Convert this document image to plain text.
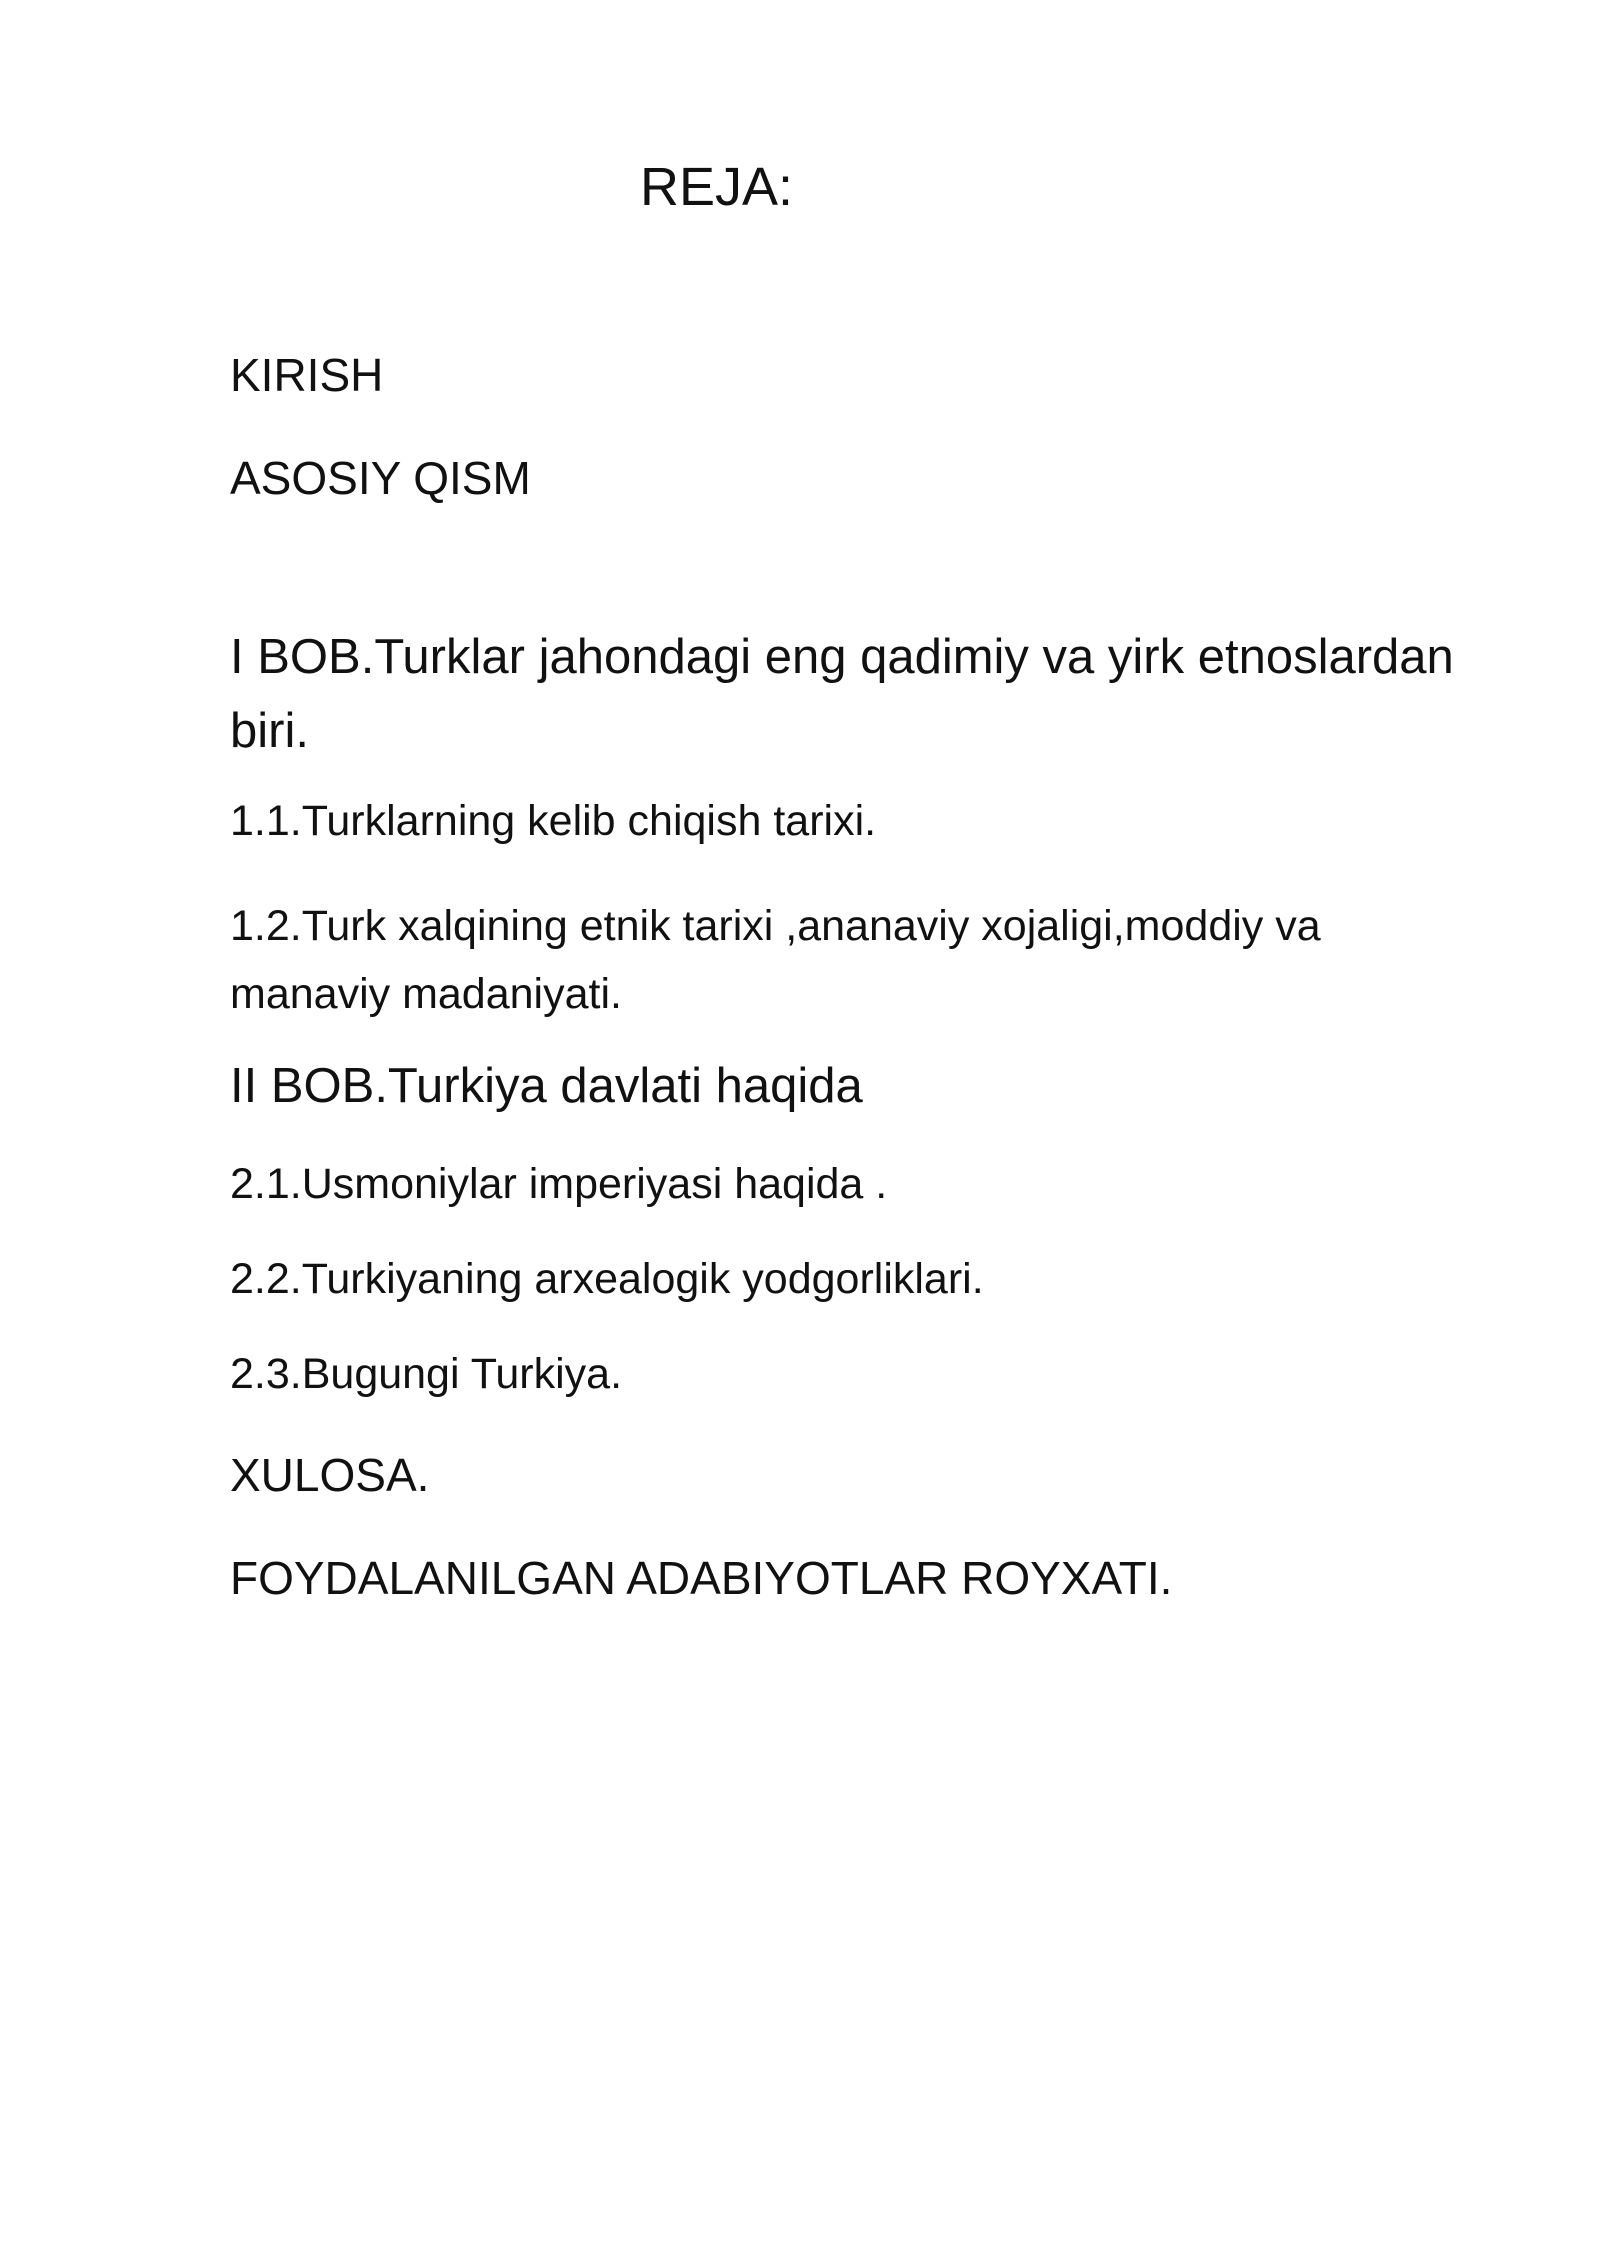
REJA:
KIRISH
ASOSIY QISM
I BOB.Turklar jahondagi eng qadimiy va yirk etnoslardan biri.
1.1.Turklarning kelib chiqish tarixi.
1.2.Turk xalqining etnik tarixi ,ananaviy xojaligi,moddiy va manaviy madaniyati.
II BOB.Turkiya davlati haqida
2.1.Usmoniylar imperiyasi haqida .
2.2.Turkiyaning arxealogik yodgorliklari.
2.3.Bugungi Turkiya.
XULOSA.
FOYDALANILGAN ADABIYOTLAR ROYXATI.
